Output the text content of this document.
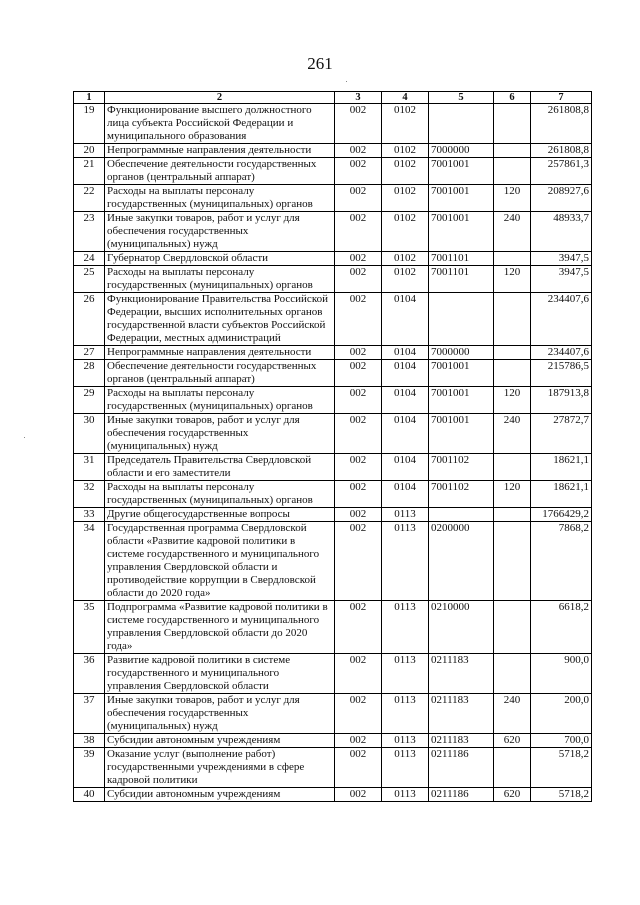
261
1	2	3	4	5	6	7
19	Функционирование высшего должностного лица субъекта Российской Федерации и муниципального образования	002	0102			261808,8
20	Непрограммные направления деятельности	002	0102	7000000		261808,8
21	Обеспечение деятельности государственных органов (центральный аппарат)	002	0102	7001001		257861,3
22	Расходы на выплаты персоналу государственных (муниципальных) органов	002	0102	7001001	120	208927,6
23	Иные закупки товаров, работ и услуг для обеспечения государственных (муниципальных) нужд	002	0102	7001001	240	48933,7
24	Губернатор Свердловской области	002	0102	7001101		3947,5
25	Расходы на выплаты персоналу государственных (муниципальных) органов	002	0102	7001101	120	3947,5
26	Функционирование Правительства Российской Федерации, высших исполнительных органов государственной власти субъектов Российской Федерации, местных администраций	002	0104			234407,6
27	Непрограммные направления деятельности	002	0104	7000000		234407,6
28	Обеспечение деятельности государственных органов (центральный аппарат)	002	0104	7001001		215786,5
29	Расходы на выплаты персоналу государственных (муниципальных) органов	002	0104	7001001	120	187913,8
30	Иные закупки товаров, работ и услуг для обеспечения государственных (муниципальных) нужд	002	0104	7001001	240	27872,7
31	Председатель Правительства Свердловской области и его заместители	002	0104	7001102		18621,1
32	Расходы на выплаты персоналу государственных (муниципальных) органов	002	0104	7001102	120	18621,1
33	Другие общегосударственные вопросы	002	0113			1766429,2
34	Государственная программа Свердловской области «Развитие кадровой политики в системе государственного и муниципального управления Свердловской области и противодействие коррупции в Свердловской области до 2020 года»	002	0113	0200000		7868,2
35	Подпрограмма «Развитие кадровой политики в системе государственного и муниципального управления Свердловской области до 2020 года»	002	0113	0210000		6618,2
36	Развитие кадровой политики в системе государственного и муниципального управления Свердловской области	002	0113	0211183		900,0
37	Иные закупки товаров, работ и услуг для обеспечения государственных (муниципальных) нужд	002	0113	0211183	240	200,0
38	Субсидии автономным учреждениям	002	0113	0211183	620	700,0
39	Оказание услуг (выполнение работ) государственными учреждениями в сфере кадровой политики	002	0113	0211186		5718,2
40	Субсидии автономным учреждениям	002	0113	0211186	620	5718,2
